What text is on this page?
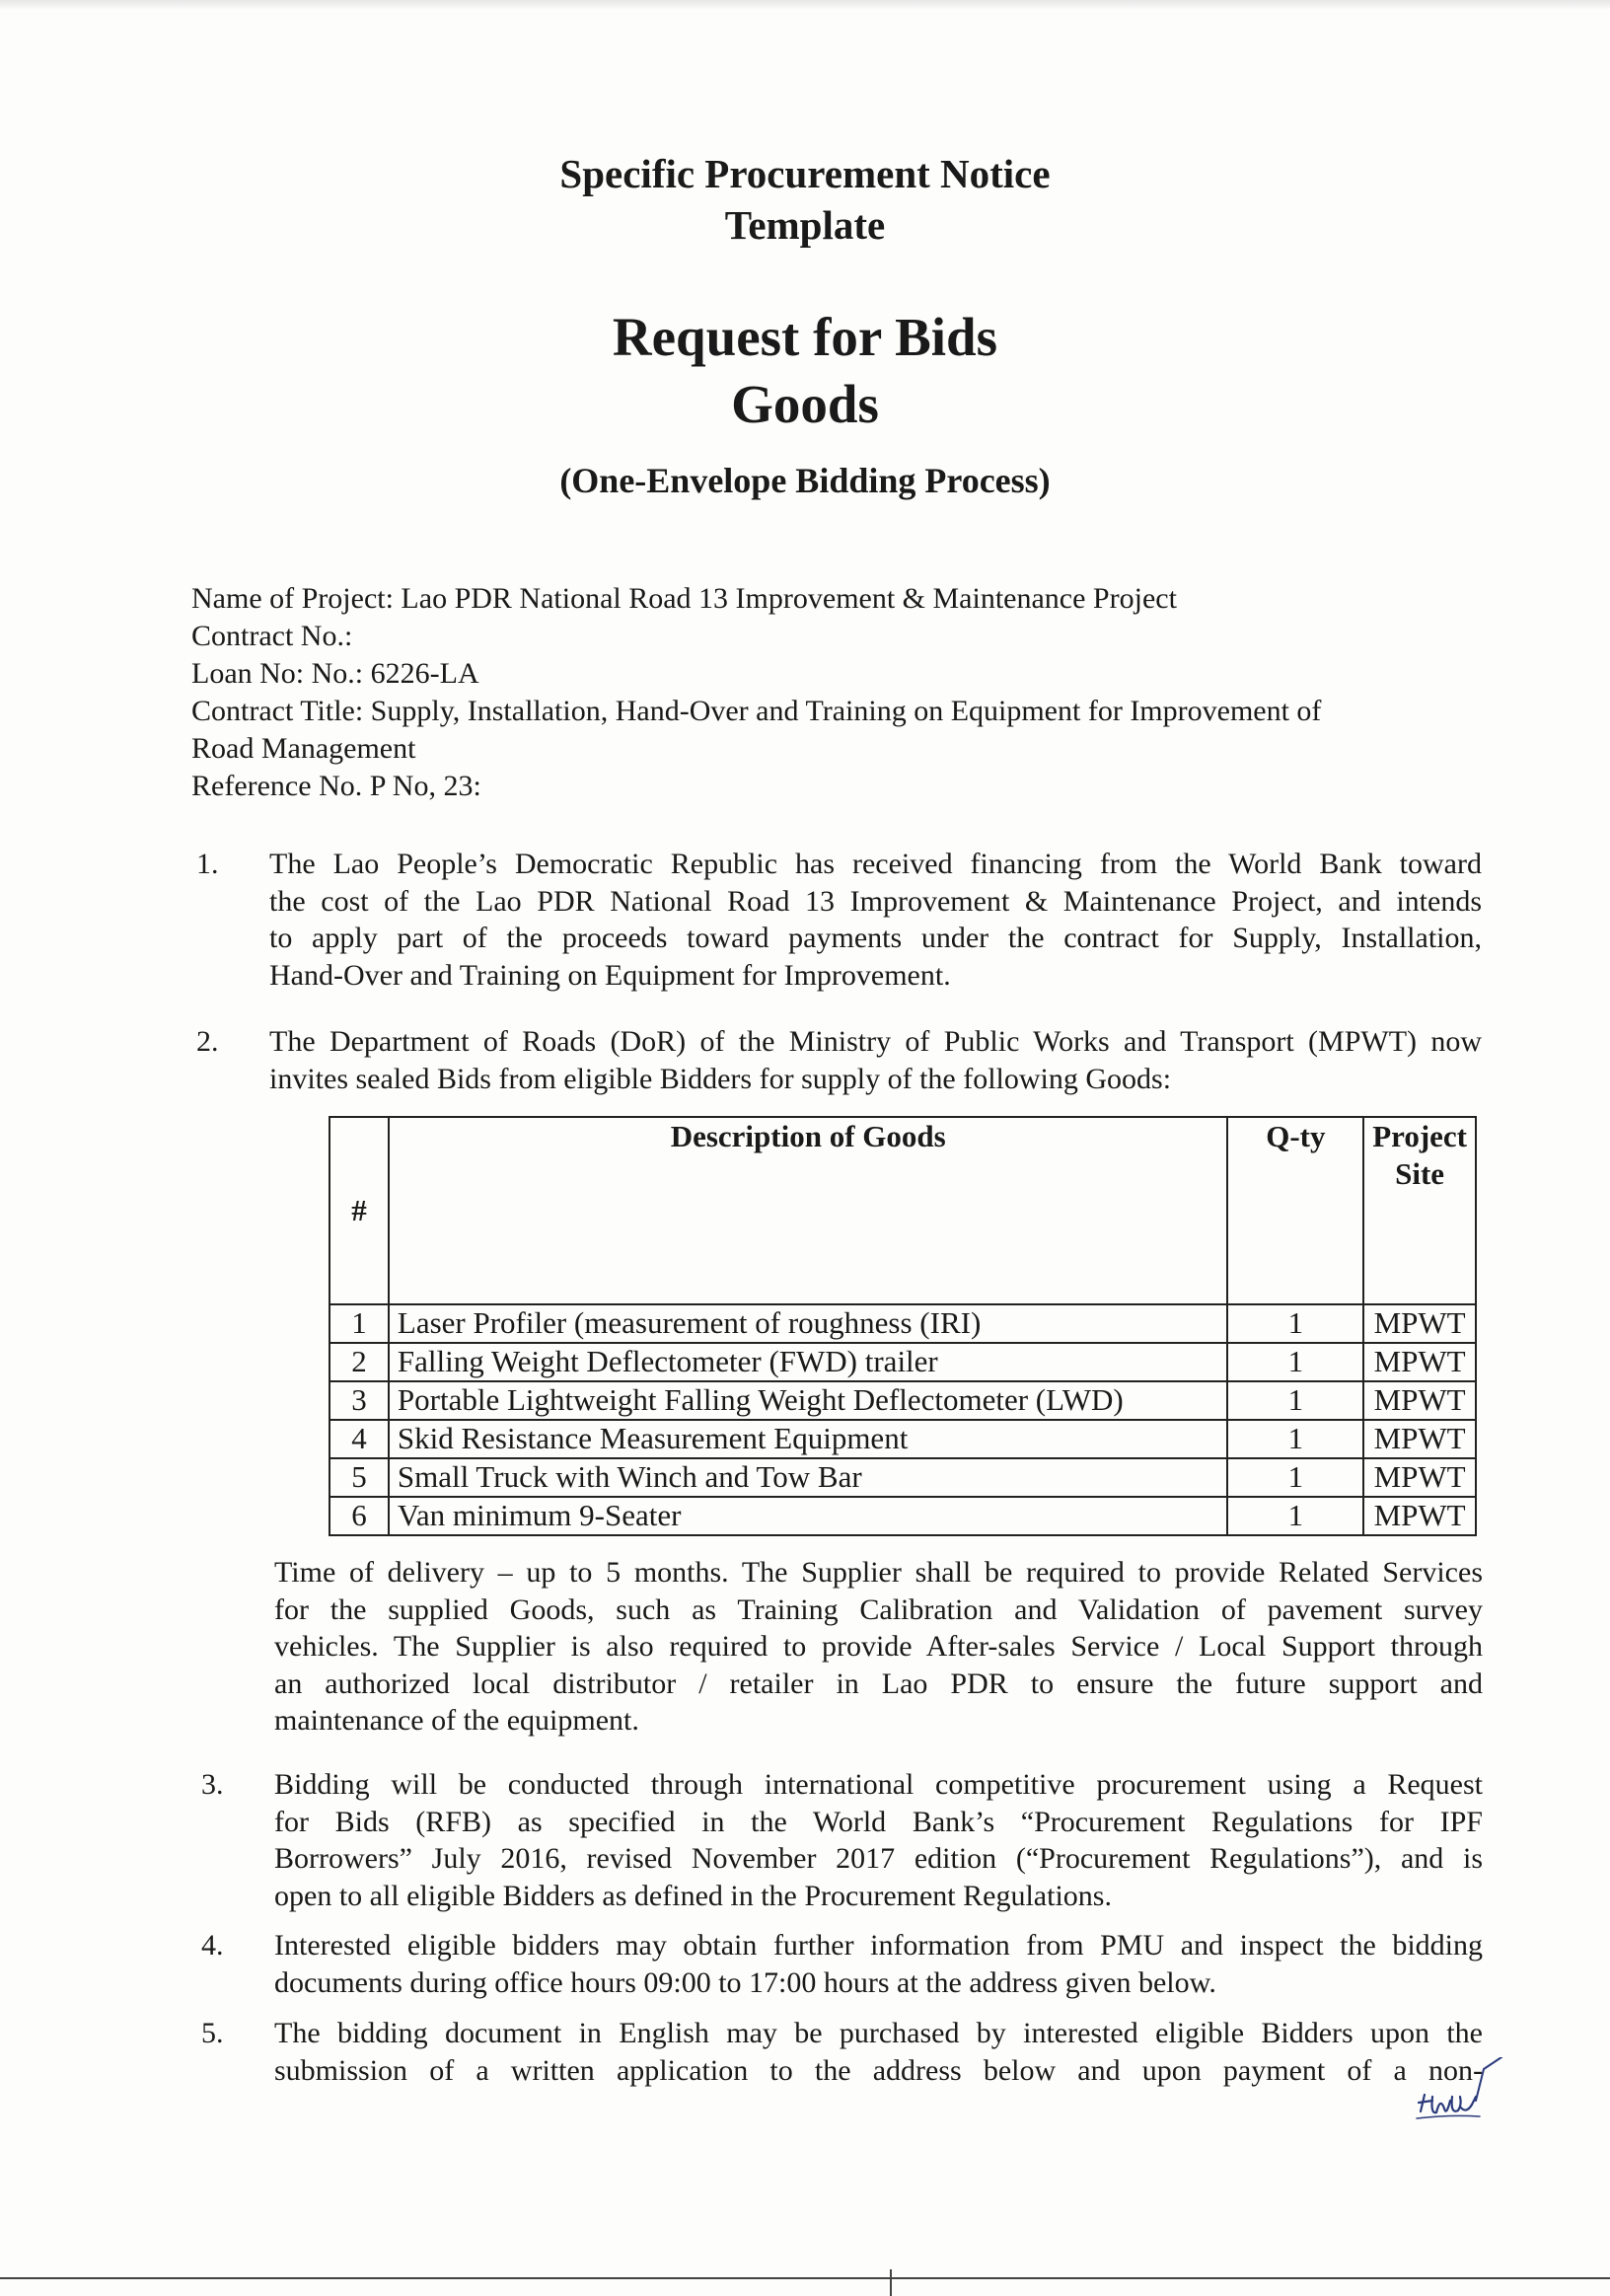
Specific Procurement Notice
Template
Request for Bids
Goods
(One-Envelope Bidding Process)
Name of Project: Lao PDR National Road 13 Improvement & Maintenance Project
Contract No.:
Loan No: No.: 6226-LA
Contract Title: Supply, Installation, Hand-Over and Training on Equipment for Improvement of
Road Management
Reference No. P No, 23:
1. The Lao People’s Democratic Republic has received financing from the World Bank toward
the cost of the Lao PDR National Road 13 Improvement & Maintenance Project, and intends
to apply part of the proceeds toward payments under the contract for Supply, Installation,
Hand-Over and Training on Equipment for Improvement.
2. The Department of Roads (DoR) of the Ministry of Public Works and Transport (MPWT) now
invites sealed Bids from eligible Bidders for supply of the following Goods:
#	Description of Goods	Q-ty	Project
Site
1	Laser Profiler (measurement of roughness (IRI)	1	MPWT
2	Falling Weight Deflectometer (FWD) trailer	1	MPWT
3	Portable Lightweight Falling Weight Deflectometer (LWD)	1	MPWT
4	Skid Resistance Measurement Equipment	1	MPWT
5	Small Truck with Winch and Tow Bar	1	MPWT
6	Van minimum 9-Seater	1	MPWT
Time of delivery – up to 5 months. The Supplier shall be required to provide Related Services
for the supplied Goods, such as Training Calibration and Validation of pavement survey
vehicles. The Supplier is also required to provide After-sales Service / Local Support through
an authorized local distributor / retailer in Lao PDR to ensure the future support and
maintenance of the equipment.
3. Bidding will be conducted through international competitive procurement using a Request
for Bids (RFB) as specified in the World Bank’s “Procurement Regulations for IPF
Borrowers” July 2016, revised November 2017 edition (“Procurement Regulations”), and is
open to all eligible Bidders as defined in the Procurement Regulations.
4. Interested eligible bidders may obtain further information from PMU and inspect the bidding
documents during office hours 09:00 to 17:00 hours at the address given below.
5. The bidding document in English may be purchased by interested eligible Bidders upon the
submission of a written application to the address below and upon payment of a non-
